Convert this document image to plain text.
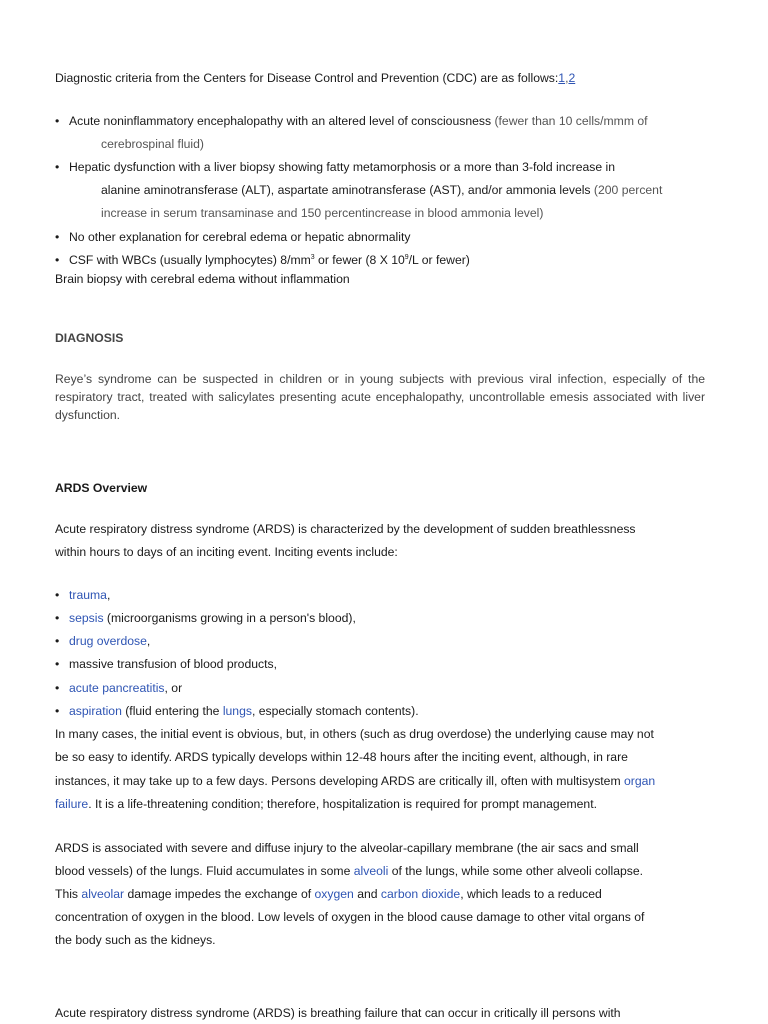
Diagnostic criteria from the Centers for Disease Control and Prevention (CDC) are as follows:1,2
• Acute noninflammatory encephalopathy with an altered level of consciousness (fewer than 10 cells/mmm of
cerebrospinal fluid)
• Hepatic dysfunction with a liver biopsy showing fatty metamorphosis or a more than 3-fold increase in
alanine aminotransferase (ALT), aspartate aminotransferase (AST), and/or ammonia levels (200 percent
increase in serum transaminase and 150 percentincrease in blood ammonia level)
• No other explanation for cerebral edema or hepatic abnormality
• CSF with WBCs (usually lymphocytes) $8/mm^3$ or fewer (8 X $10^9/L$ or fewer)
Brain biopsy with cerebral edema without inflammation
DIAGNOSIS
Reye’s syndrome can be suspected in children or in young subjects with previous viral infection, especially of the respiratory tract, treated with salicylates presenting acute encephalopathy, uncontrollable emesis associated with liver dysfunction.
ARDS Overview
Acute respiratory distress syndrome (ARDS) is characterized by the development of sudden breathlessness
within hours to days of an inciting event. Inciting events include:
• trauma,
• sepsis (microorganisms growing in a person's blood),
• drug overdose,
• massive transfusion of blood products,
• acute pancreatitis, or
• aspiration (fluid entering the lungs, especially stomach contents).
In many cases, the initial event is obvious, but, in others (such as drug overdose) the underlying cause may not
be so easy to identify. ARDS typically develops within 12-48 hours after the inciting event, although, in rare
instances, it may take up to a few days. Persons developing ARDS are critically ill, often with multisystem organ
failure. It is a life-threatening condition; therefore, hospitalization is required for prompt management.
ARDS is associated with severe and diffuse injury to the alveolar-capillary membrane (the air sacs and small
blood vessels) of the lungs. Fluid accumulates in some alveoli of the lungs, while some other alveoli collapse.
This alveolar damage impedes the exchange of oxygen and carbon dioxide, which leads to a reduced
concentration of oxygen in the blood. Low levels of oxygen in the blood cause damage to other vital organs of
the body such as the kidneys.
Acute respiratory distress syndrome (ARDS) is breathing failure that can occur in critically ill persons with
